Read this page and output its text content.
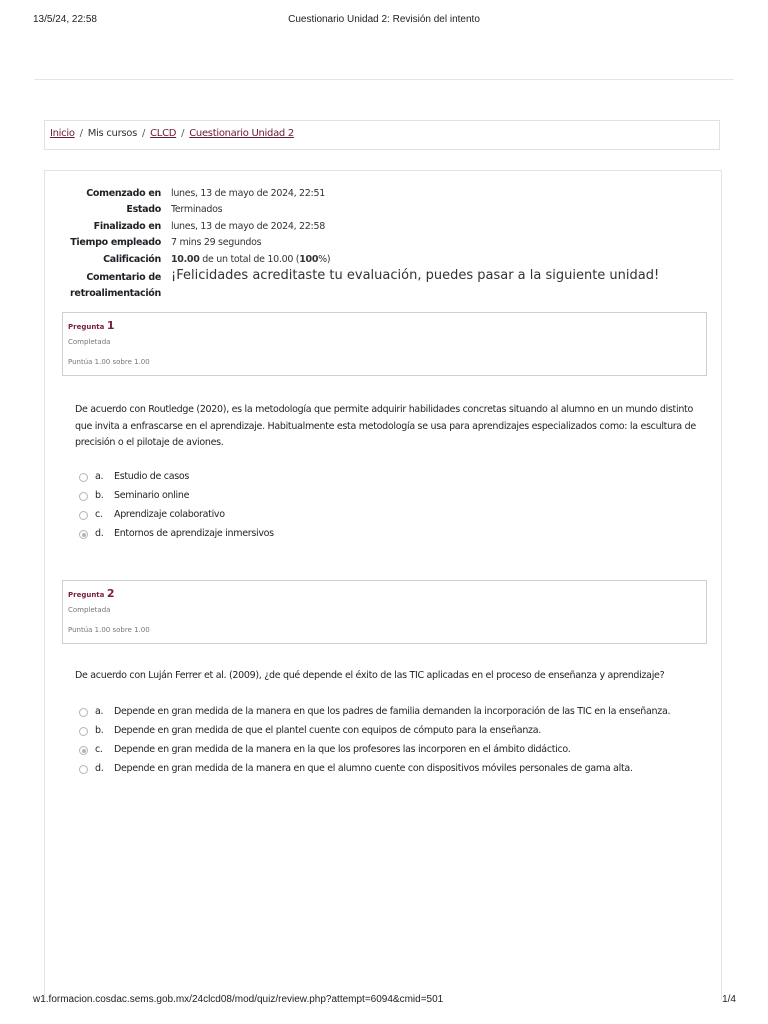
13/5/24, 22:58	Cuestionario Unidad 2: Revisión del intento
Inicio / Mis cursos / CLCD / Cuestionario Unidad 2
Comenzado en lunes, 13 de mayo de 2024, 22:51
Estado Terminados
Finalizado en lunes, 13 de mayo de 2024, 22:58
Tiempo empleado 7 mins 29 segundos
Calificación 10.00 de un total de 10.00 (100%)
Comentario de
retroalimentación
¡Felicidades acreditaste tu evaluación, puedes pasar a la siguiente unidad!
Pregunta 1
Completada
Puntúa 1.00 sobre 1.00
De acuerdo con Routledge (2020), es la metodología que permite adquirir habilidades concretas situando al alumno en un mundo distinto que invita a enfrascarse en el aprendizaje. Habitualmente esta metodología se usa para aprendizajes especializados como: la escultura de precisión o el pilotaje de aviones.
a. Estudio de casos
b. Seminario online
c. Aprendizaje colaborativo
d. Entornos de aprendizaje inmersivos
Pregunta 2
Completada
Puntúa 1.00 sobre 1.00
De acuerdo con Luján Ferrer et al. (2009), ¿de qué depende el éxito de las TIC aplicadas en el proceso de enseñanza y aprendizaje?
a. Depende en gran medida de la manera en que los padres de familia demanden la incorporación de las TIC en la enseñanza.
b. Depende en gran medida de que el plantel cuente con equipos de cómputo para la enseñanza.
c. Depende en gran medida de la manera en la que los profesores las incorporen en el ámbito didáctico.
d. Depende en gran medida de la manera en que el alumno cuente con dispositivos móviles personales de gama alta.
w1.formacion.cosdac.sems.gob.mx/24clcd08/mod/quiz/review.php?attempt=6094&cmid=501	1/4
